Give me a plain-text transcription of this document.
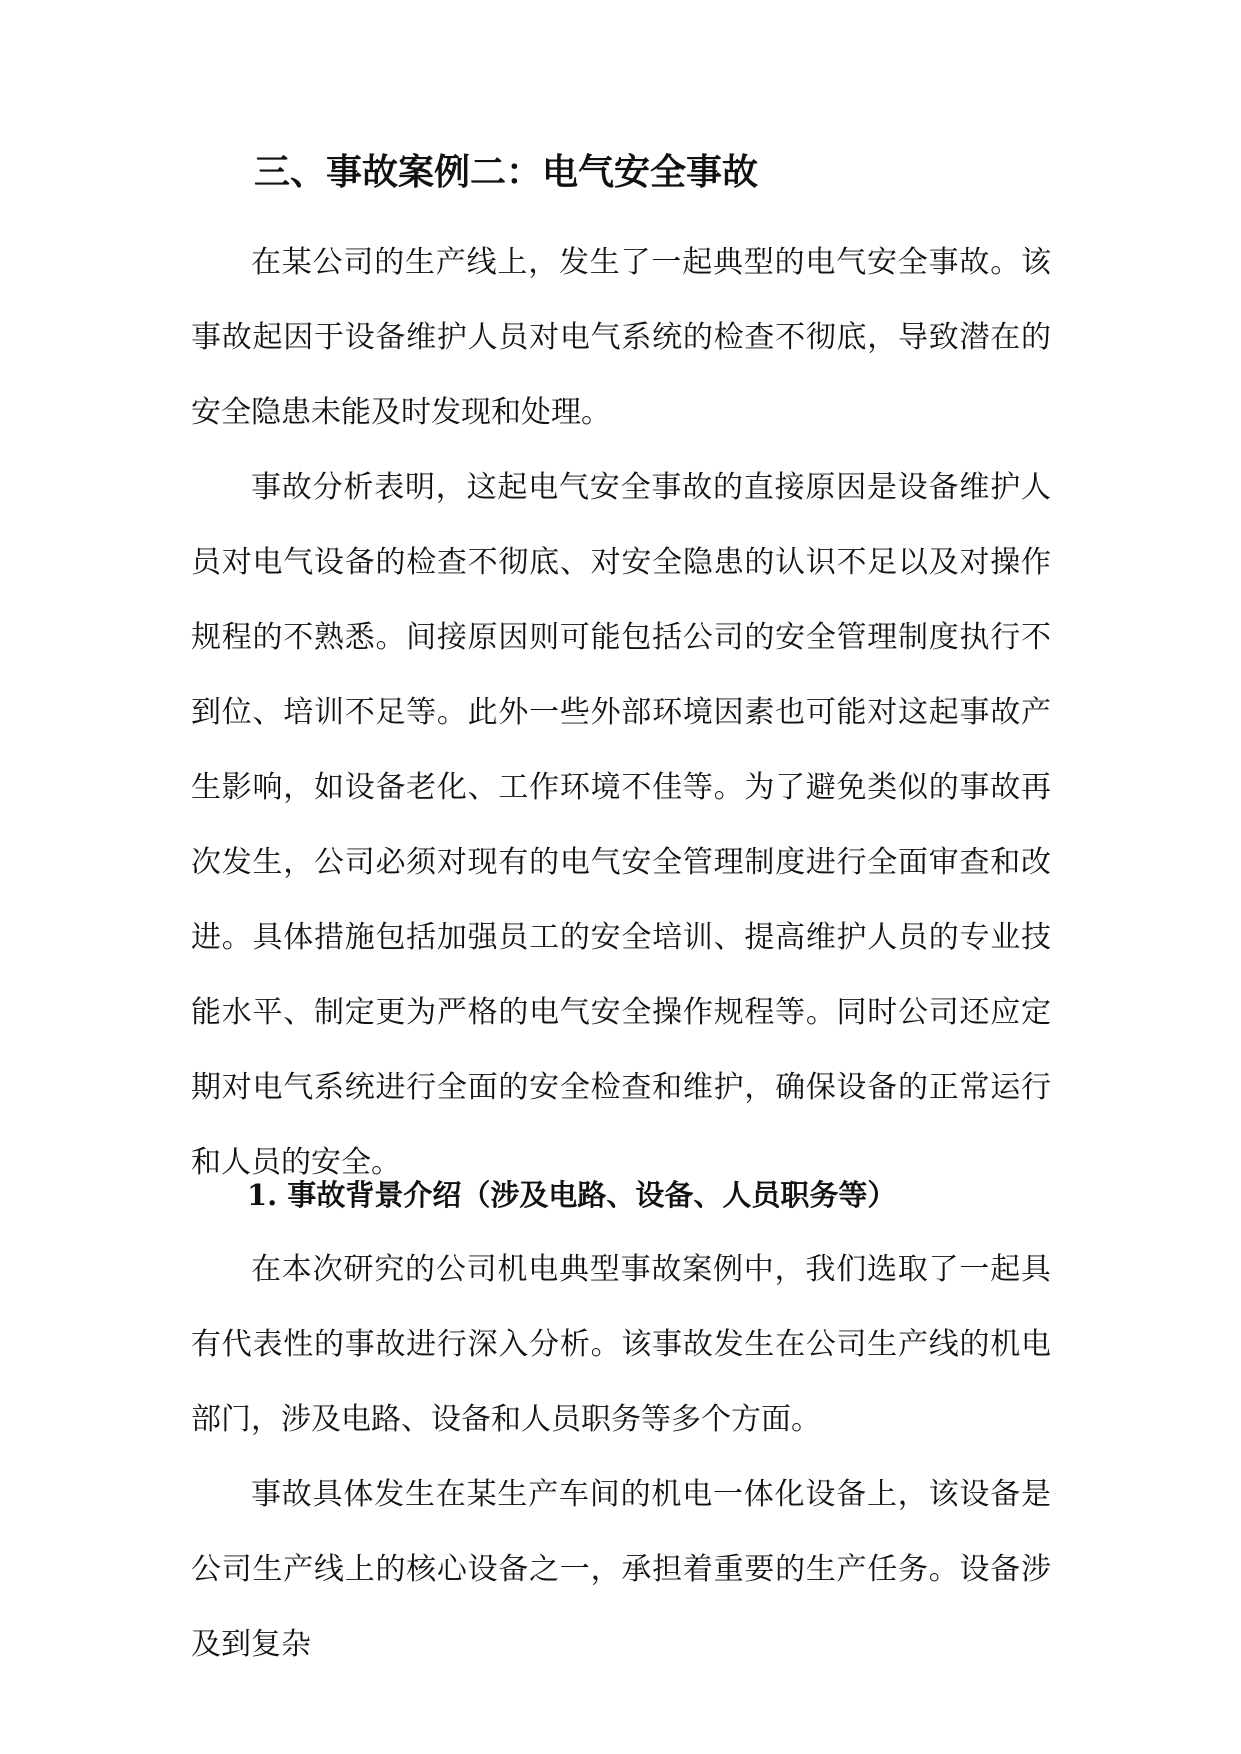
三、事故案例二：电气安全事故

在某公司的生产线上，发生了一起典型的电气安全事故。该事故起因于设备维护人员对电气系统的检查不彻底，导致潜在的安全隐患未能及时发现和处理。

事故分析表明，这起电气安全事故的直接原因是设备维护人员对电气设备的检查不彻底、对安全隐患的认识不足以及对操作规程的不熟悉。间接原因则可能包括公司的安全管理制度执行不到位、培训不足等。此外一些外部环境因素也可能对这起事故产生影响，如设备老化、工作环境不佳等。为了避免类似的事故再次发生，公司必须对现有的电气安全管理制度进行全面审查和改进。具体措施包括加强员工的安全培训、提高维护人员的专业技能水平、制定更为严格的电气安全操作规程等。同时公司还应定期对电气系统进行全面的安全检查和维护，确保设备的正常运行和人员的安全。

1. 事故背景介绍（涉及电路、设备、人员职务等）

在本次研究的公司机电典型事故案例中，我们选取了一起具有代表性的事故进行深入分析。该事故发生在公司生产线的机电部门，涉及电路、设备和人员职务等多个方面。

事故具体发生在某生产车间的机电一体化设备上，该设备是公司生产线上的核心设备之一，承担着重要的生产任务。设备涉及到复杂
